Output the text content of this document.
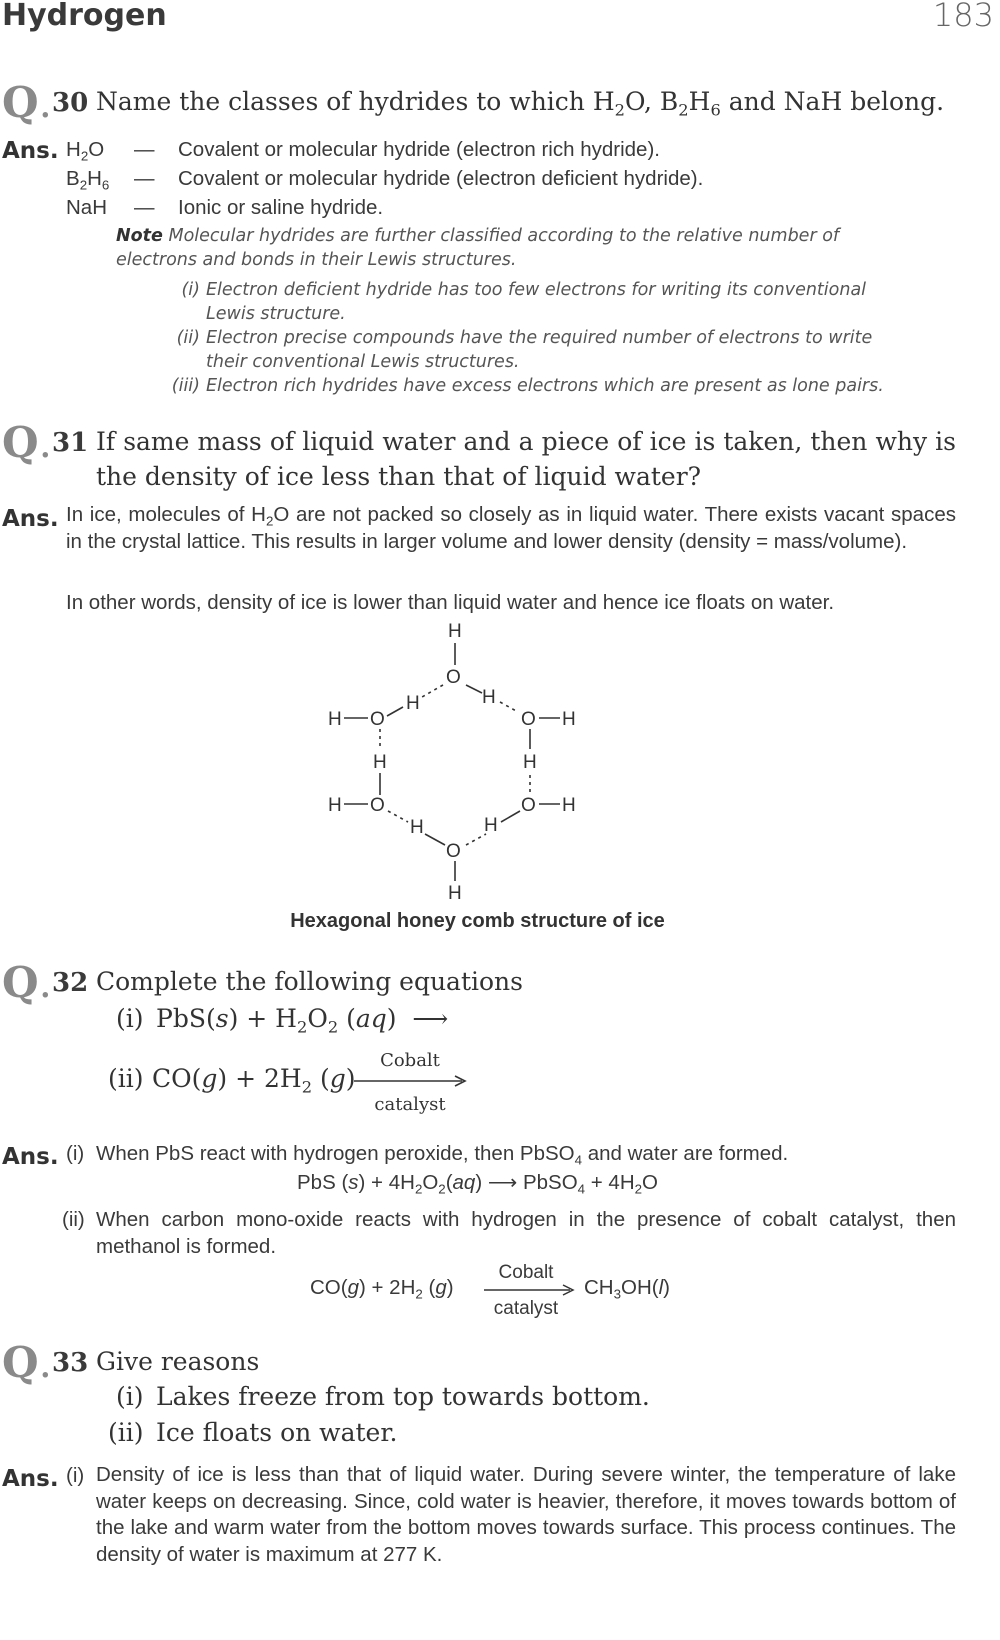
Hydrogen	183
Q. 30 Name the classes of hydrides to which $H_2O$, $B_2H_6$ and NaH belong.
Ans. $H_2O$
$B_2H_6$
NaH
—
—
—
Covalent or molecular hydride (electron rich hydride).
Covalent or molecular hydride (electron deficient hydride).
Ionic or saline hydride.
Note Molecular hydrides are further classified according to the relative number of electrons and bonds in their Lewis structures.
(i) Electron deficient hydride has too few electrons for writing its conventional Lewis structure.
(ii) Electron precise compounds have the required number of electrons to write their conventional Lewis structures.
(iii) Electron rich hydrides have excess electrons which are present as lone pairs.
Q. 31 If same mass of liquid water and a piece of ice is taken, then why is the density of ice less than that of liquid water?
Ans. In ice, molecules of $H_2O$ are not packed so closely as in liquid water. There exists vacant spaces in the crystal lattice. This results in larger volume and lower density (density = mass/volume).
In other words, density of ice is lower than liquid water and hence ice floats on water.
H
O
H
O
H
H
O
H
H
O
H
H
O H
H
O H
H
Hexagonal honey comb structure of ice
Q. 32 Complete the following equations
(i) $PbS(s) + H_2O_2$ (aq)  ⟶
(ii) $CO(g) + 2H_2$ (g)
Cobalt
catalyst
Ans. (i) When PbS react with hydrogen peroxide, then PbSO$_4$ and water are formed.
PbS $(s) + 4H_2O_2(aq)$ ⟶ PbSO$_4$ + $4H_2O$
(ii) When carbon mono-oxide reacts with hydrogen in the presence of cobalt catalyst, then methanol is formed.
$CO(g) + 2H_2$ (g)
Cobalt
catalyst
$CH_3OH(l)$
Q. 33 Give reasons
(i) Lakes freeze from top towards bottom.
(ii) Ice floats on water.
Ans. (i) Density of ice is less than that of liquid water. During severe winter, the temperature of lake water keeps on decreasing. Since, cold water is heavier, therefore, it moves towards bottom of the lake and warm water from the bottom moves towards surface. This process continues. The density of water is maximum at 277 K.
